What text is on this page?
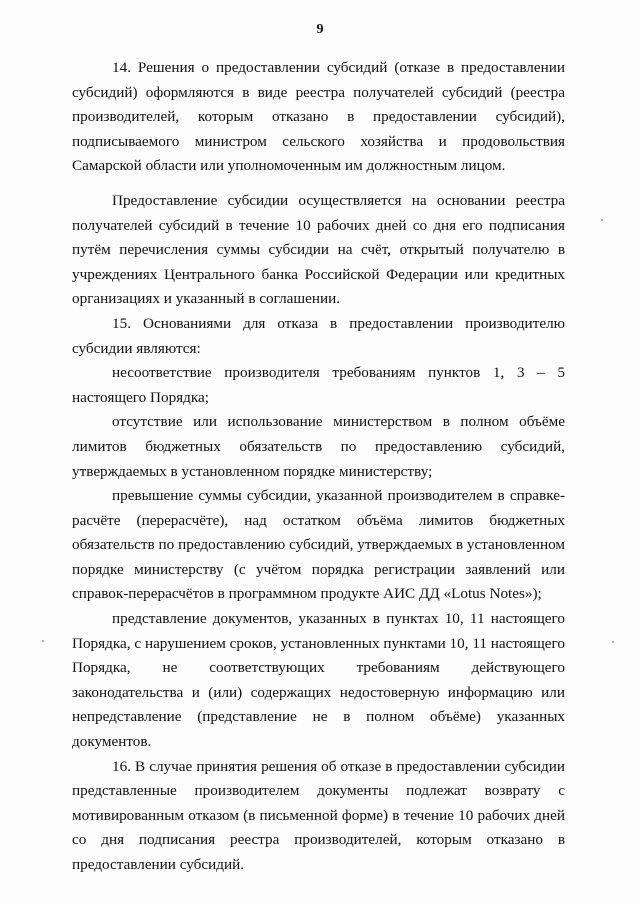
9

14. Решения о предоставлении субсидий (отказе в предоставлении субсидий) оформляются в виде реестра получателей субсидий (реестра производителей, которым отказано в предоставлении субсидий), подписываемого министром сельского хозяйства и продовольствия Самарской области или уполномоченным им должностным лицом.

Предоставление субсидии осуществляется на основании реестра получателей субсидий в течение 10 рабочих дней со дня его подписания путём перечисления суммы субсидии на счёт, открытый получателю в учреждениях Центрального банка Российской Федерации или кредитных организациях и указанный в соглашении.

15. Основаниями для отказа в предоставлении производителю субсидии являются:

несоответствие производителя требованиям пунктов 1, 3 – 5 настоящего Порядка;

отсутствие или использование министерством в полном объёме лимитов бюджетных обязательств по предоставлению субсидий, утверждаемых в установленном порядке министерству;

превышение суммы субсидии, указанной производителем в справке-расчёте (перерасчёте), над остатком объёма лимитов бюджетных обязательств по предоставлению субсидий, утверждаемых в установленном порядке министерству (с учётом порядка регистрации заявлений или справок-перерасчётов в программном продукте АИС ДД «Lotus Notes»);

представление документов, указанных в пунктах 10, 11 настоящего Порядка, с нарушением сроков, установленных пунктами 10, 11 настоящего Порядка, не соответствующих требованиям действующего законодательства и (или) содержащих недостоверную информацию или непредставление (представление не в полном объёме) указанных документов.

16. В случае принятия решения об отказе в предоставлении субсидии представленные производителем документы подлежат возврату с мотивированным отказом (в письменной форме) в течение 10 рабочих дней со дня подписания реестра производителей, которым отказано в предоставлении субсидий.
